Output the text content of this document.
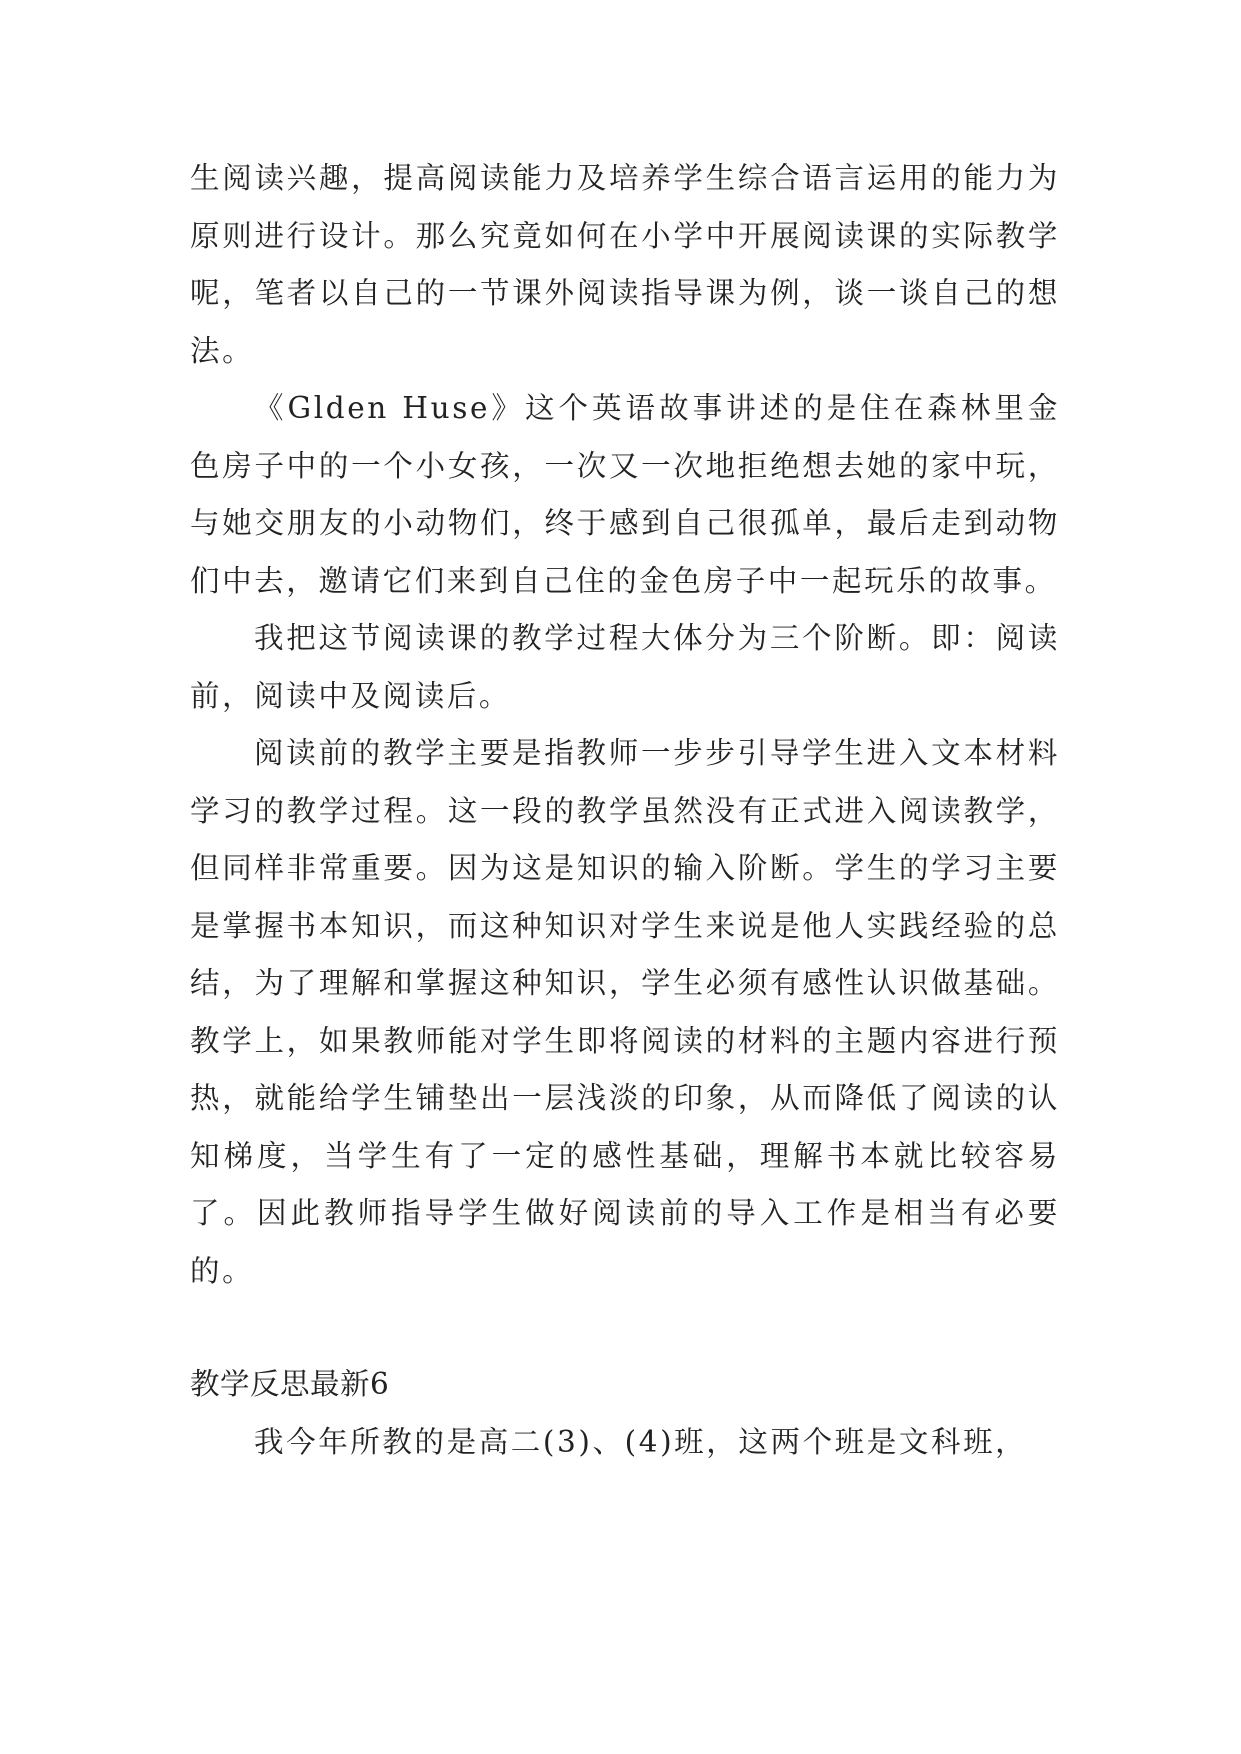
生阅读兴趣，提高阅读能力及培养学生综合语言运用的能力为原则进行设计。那么究竟如何在小学中开展阅读课的实际教学呢，笔者以自己的一节课外阅读指导课为例，谈一谈自己的想法。

《Glden Huse》这个英语故事讲述的是住在森林里金色房子中的一个小女孩，一次又一次地拒绝想去她的家中玩，与她交朋友的小动物们，终于感到自己很孤单，最后走到动物们中去，邀请它们来到自己住的金色房子中一起玩乐的故事。

我把这节阅读课的教学过程大体分为三个阶断。即：阅读前，阅读中及阅读后。

阅读前的教学主要是指教师一步步引导学生进入文本材料学习的教学过程。这一段的教学虽然没有正式进入阅读教学，但同样非常重要。因为这是知识的输入阶断。学生的学习主要是掌握书本知识，而这种知识对学生来说是他人实践经验的总结，为了理解和掌握这种知识，学生必须有感性认识做基础。教学上，如果教师能对学生即将阅读的材料的主题内容进行预热，就能给学生铺垫出一层浅淡的印象，从而降低了阅读的认知梯度，当学生有了一定的感性基础，理解书本就比较容易了。因此教师指导学生做好阅读前的导入工作是相当有必要的。

教学反思最新6

我今年所教的是高二(3)、(4)班，这两个班是文科班，
